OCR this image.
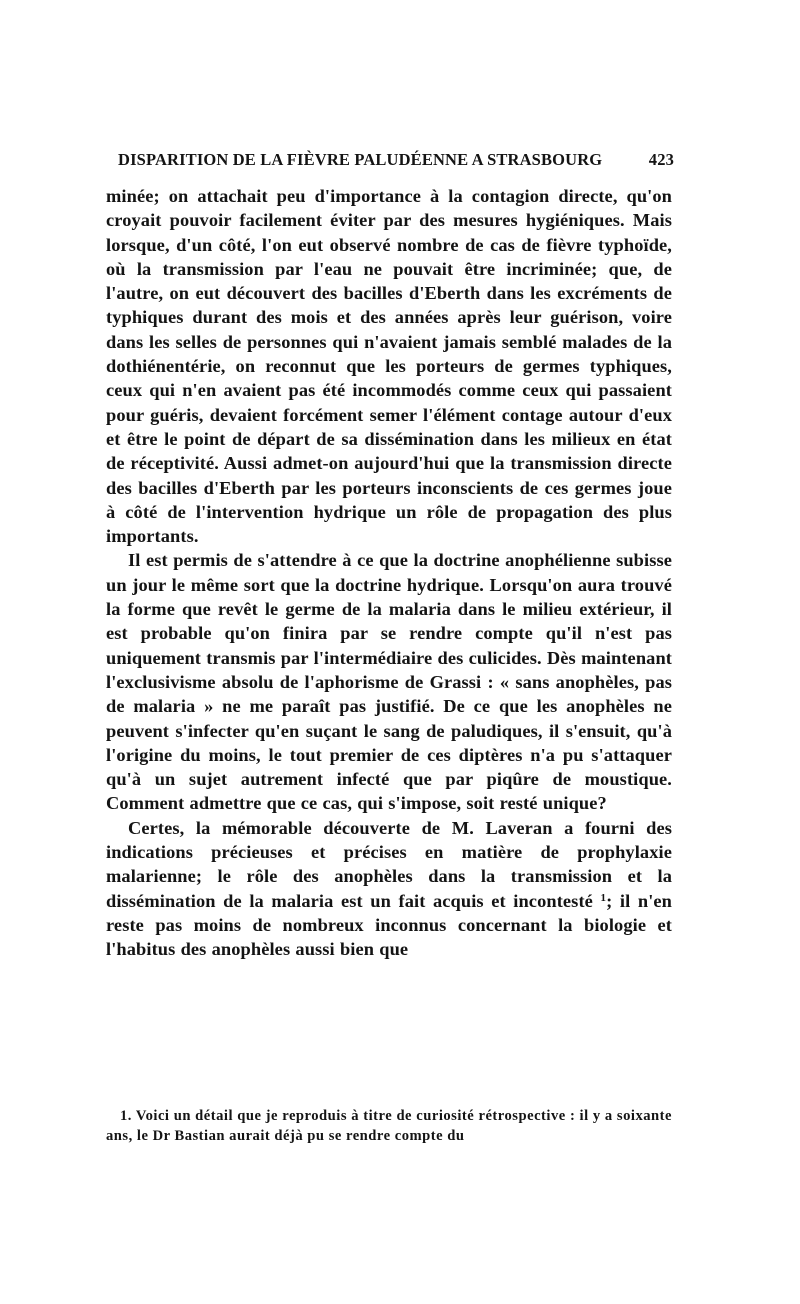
DISPARITION DE LA FIÈVRE PALUDÉENNE A STRASBOURG	423

minée; on attachait peu d'importance à la contagion directe, qu'on croyait pouvoir facilement éviter par des mesures hygiéniques. Mais lorsque, d'un côté, l'on eut observé nombre de cas de fièvre typhoïde, où la transmission par l'eau ne pouvait être incriminée; que, de l'autre, on eut découvert des bacilles d'Eberth dans les excréments de typhiques durant des mois et des années après leur guérison, voire dans les selles de personnes qui n'avaient jamais semblé malades de la dothiénentérie, on reconnut que les porteurs de germes typhiques, ceux qui n'en avaient pas été incommodés comme ceux qui passaient pour guéris, devaient forcément semer l'élément contage autour d'eux et être le point de départ de sa dissémination dans les milieux en état de réceptivité. Aussi admet-on aujourd'hui que la transmission directe des bacilles d'Eberth par les porteurs inconscients de ces germes joue à côté de l'intervention hydrique un rôle de propagation des plus importants.

Il est permis de s'attendre à ce que la doctrine anophélienne subisse un jour le même sort que la doctrine hydrique. Lorsqu'on aura trouvé la forme que revêt le germe de la malaria dans le milieu extérieur, il est probable qu'on finira par se rendre compte qu'il n'est pas uniquement transmis par l'intermédiaire des culicides. Dès maintenant l'exclusivisme absolu de l'aphorisme de Grassi : « sans anophèles, pas de malaria » ne me paraît pas justifié. De ce que les anophèles ne peuvent s'infecter qu'en suçant le sang de paludiques, il s'ensuit, qu'à l'origine du moins, le tout premier de ces diptères n'a pu s'attaquer qu'à un sujet autrement infecté que par piqûre de moustique. Comment admettre que ce cas, qui s'impose, soit resté unique?

Certes, la mémorable découverte de M. Laveran a fourni des indications précieuses et précises en matière de prophylaxie malarienne; le rôle des anophèles dans la transmission et la dissémination de la malaria est un fait acquis et incontesté $^1$; il n'en reste pas moins de nombreux inconnus concernant la biologie et l'habitus des anophèles aussi bien que

1. Voici un détail que je reproduis à titre de curiosité rétrospective : il y a soixante ans, le Dr Bastian aurait déjà pu se rendre compte du
